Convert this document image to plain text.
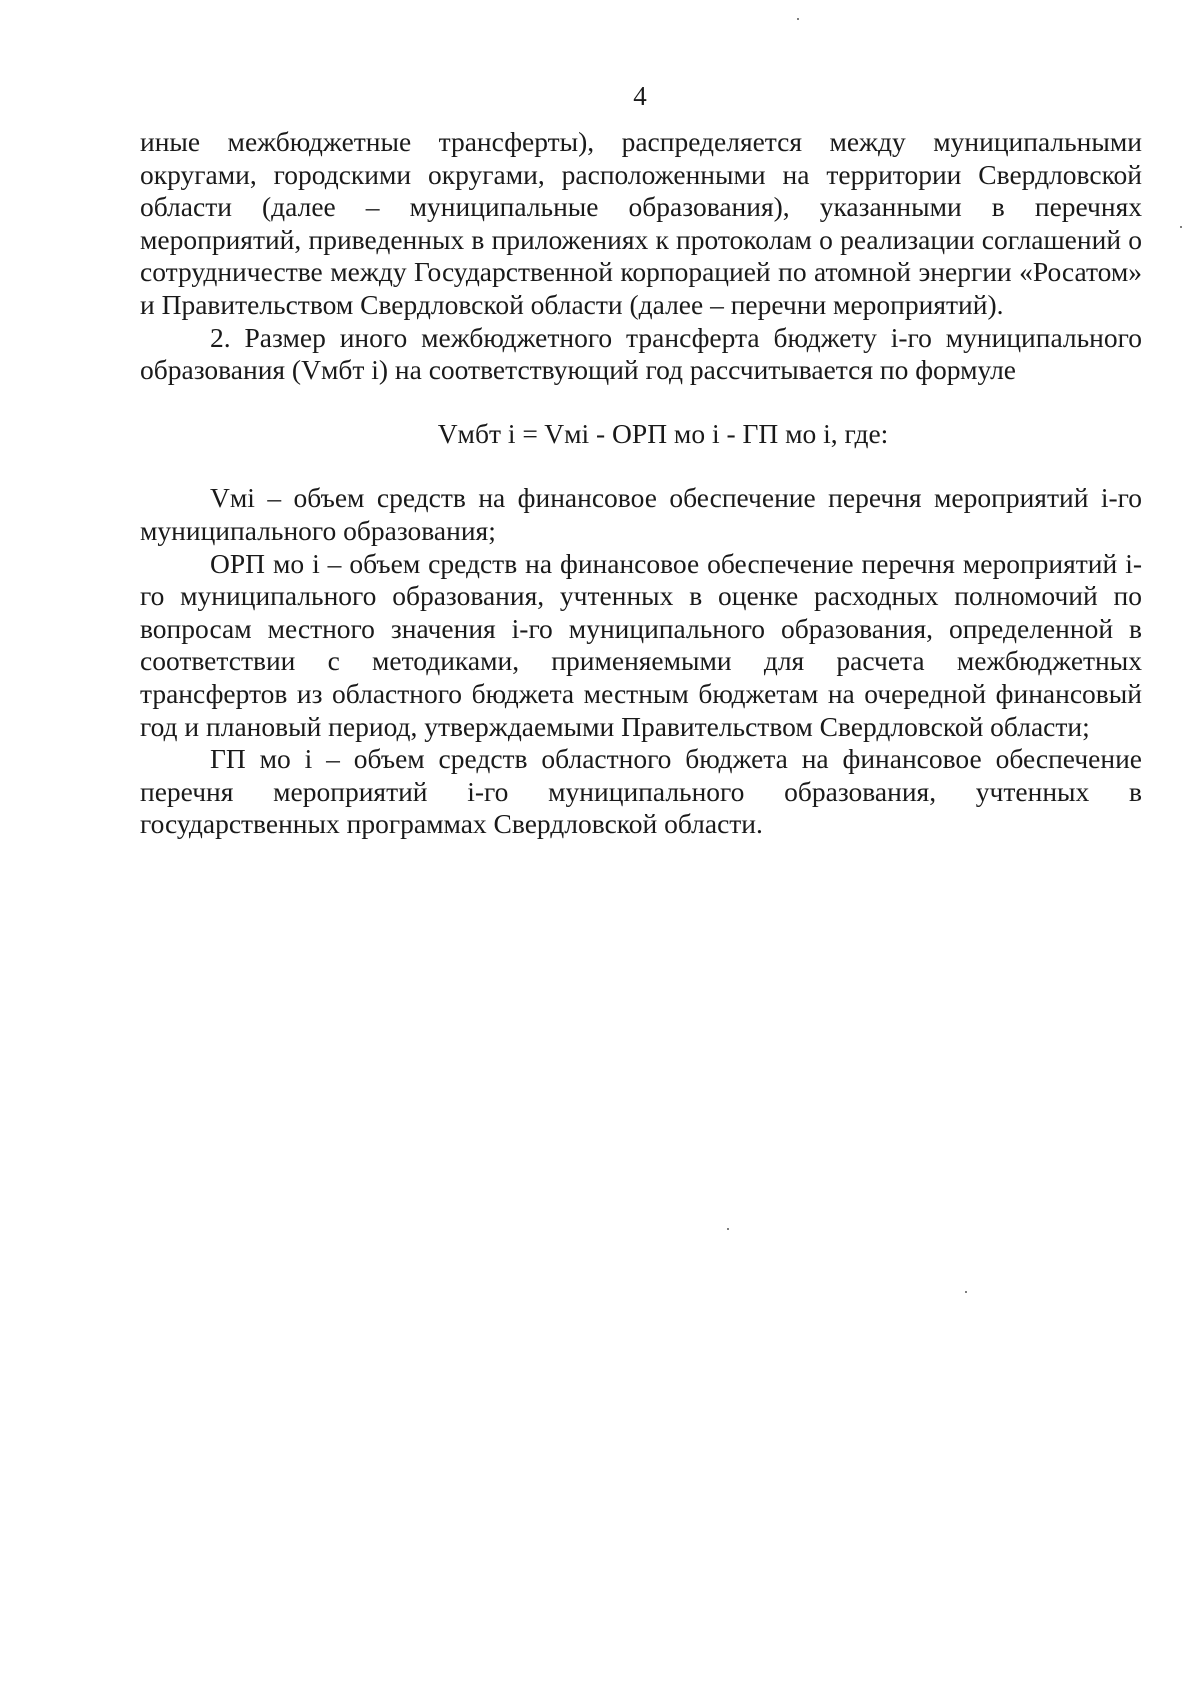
4

иные межбюджетные трансферты), распределяется между муниципальными округами, городскими округами, расположенными на территории Свердловской области (далее – муниципальные образования), указанными в перечнях мероприятий, приведенных в приложениях к протоколам о реализации соглашений о сотрудничестве между Государственной корпорацией по атомной энергии «Росатом» и Правительством Свердловской области (далее – перечни мероприятий).

2. Размер иного межбюджетного трансферта бюджету i-го муниципального образования (Vмбт i) на соответствующий год рассчитывается по формуле

Vмбт i = Vмi - ОРП мо i - ГП мо i, где:

Vмi – объем средств на финансовое обеспечение перечня мероприятий i-го муниципального образования;

ОРП мо i – объем средств на финансовое обеспечение перечня мероприятий i-го муниципального образования, учтенных в оценке расходных полномочий по вопросам местного значения i-го муниципального образования, определенной в соответствии с методиками, применяемыми для расчета межбюджетных трансфертов из областного бюджета местным бюджетам на очередной финансовый год и плановый период, утверждаемыми Правительством Свердловской области;

ГП мо i – объем средств областного бюджета на финансовое обеспечение перечня мероприятий i-го муниципального образования, учтенных в государственных программах Свердловской области.
